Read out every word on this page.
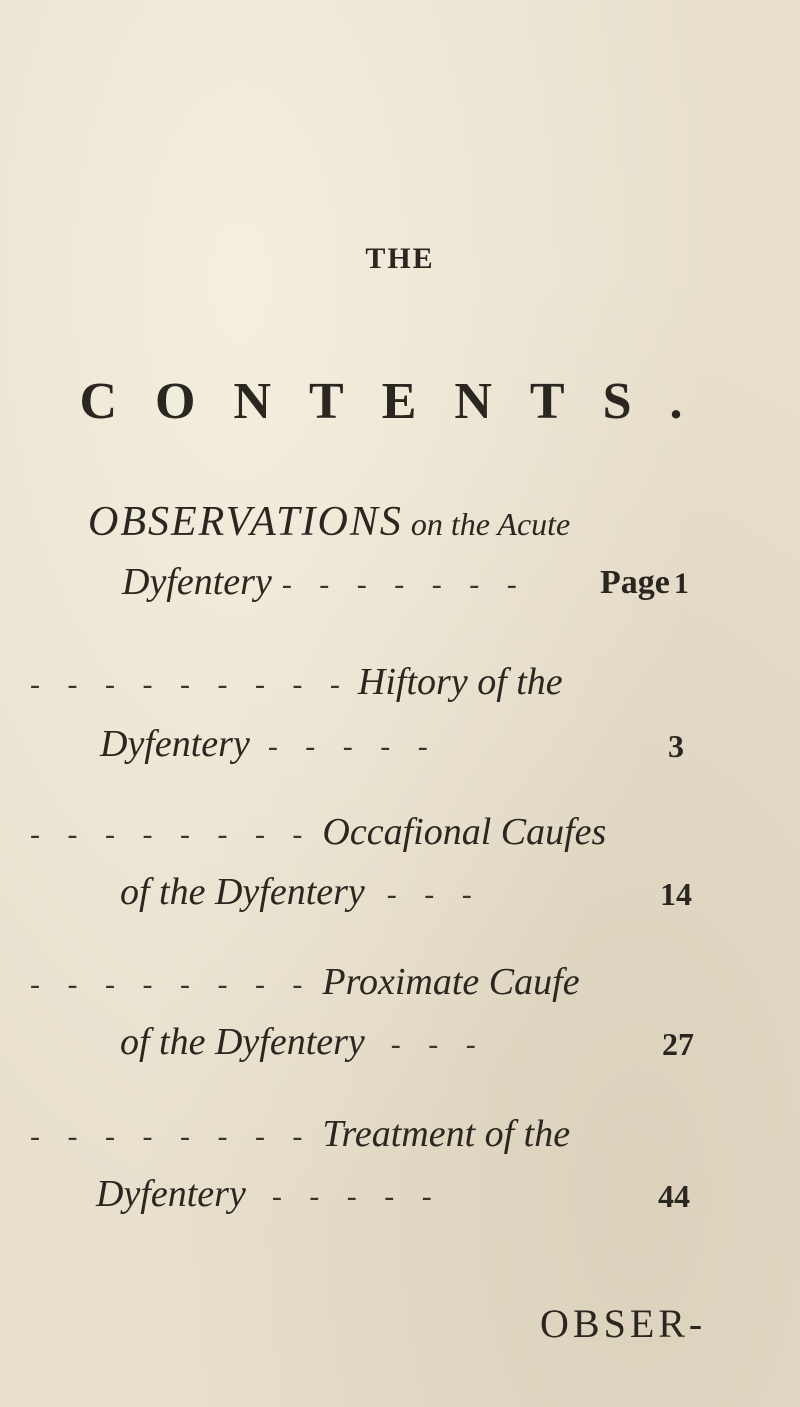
THE
CONTENTS.
OBSERVATIONS on the Acute
Dyfentery - - - - - - - Page 1
- - - - - - - - - Hiftory of the
Dyfentery - - - - -	3
- - - - - - - - Occafional Caufes
of the Dyfentery - - -	14
- - - - - - - - Proximate Caufe
of the Dyfentery - - -	27
- - - - - - - - Treatment of the
Dyfentery - - - - -	44
OBSER-
